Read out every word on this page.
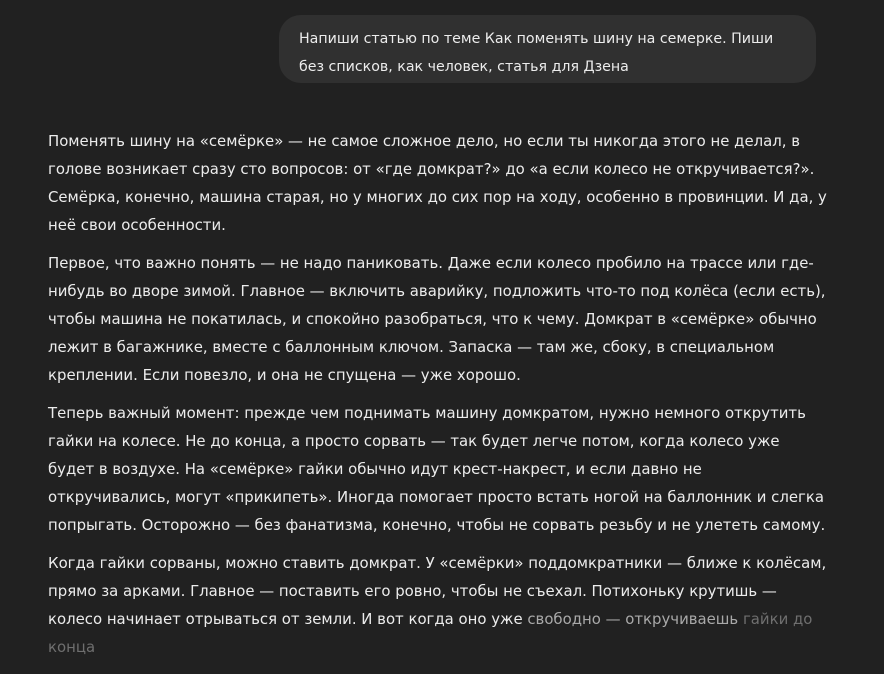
Напиши статью по теме Как поменять шину на семерке. Пиши без списков, как человек, статья для Дзена

Поменять шину на «семёрке» — не самое сложное дело, но если ты никогда этого не делал, в голове возникает сразу сто вопросов: от «где домкрат?» до «а если колесо не откручивается?». Семёрка, конечно, машина старая, но у многих до сих пор на ходу, особенно в провинции. И да, у неё свои особенности.

Первое, что важно понять — не надо паниковать. Даже если колесо пробило на трассе или где-нибудь во дворе зимой. Главное — включить аварийку, подложить что-то под колёса (если есть), чтобы машина не покатилась, и спокойно разобраться, что к чему. Домкрат в «семёрке» обычно лежит в багажнике, вместе с баллонным ключом. Запаска — там же, сбоку, в специальном креплении. Если повезло, и она не спущена — уже хорошо.

Теперь важный момент: прежде чем поднимать машину домкратом, нужно немного открутить гайки на колесе. Не до конца, а просто сорвать — так будет легче потом, когда колесо уже будет в воздухе. На «семёрке» гайки обычно идут крест-накрест, и если давно не откручивались, могут «прикипеть». Иногда помогает просто встать ногой на баллонник и слегка попрыгать. Осторожно — без фанатизма, конечно, чтобы не сорвать резьбу и не улететь самому.

Когда гайки сорваны, можно ставить домкрат. У «семёрки» поддомкратники — ближе к колёсам, прямо за арками. Главное — поставить его ровно, чтобы не съехал. Потихоньку крутишь — колесо начинает отрываться от земли. И вот когда оно уже свободно — откручиваешь гайки до конца
